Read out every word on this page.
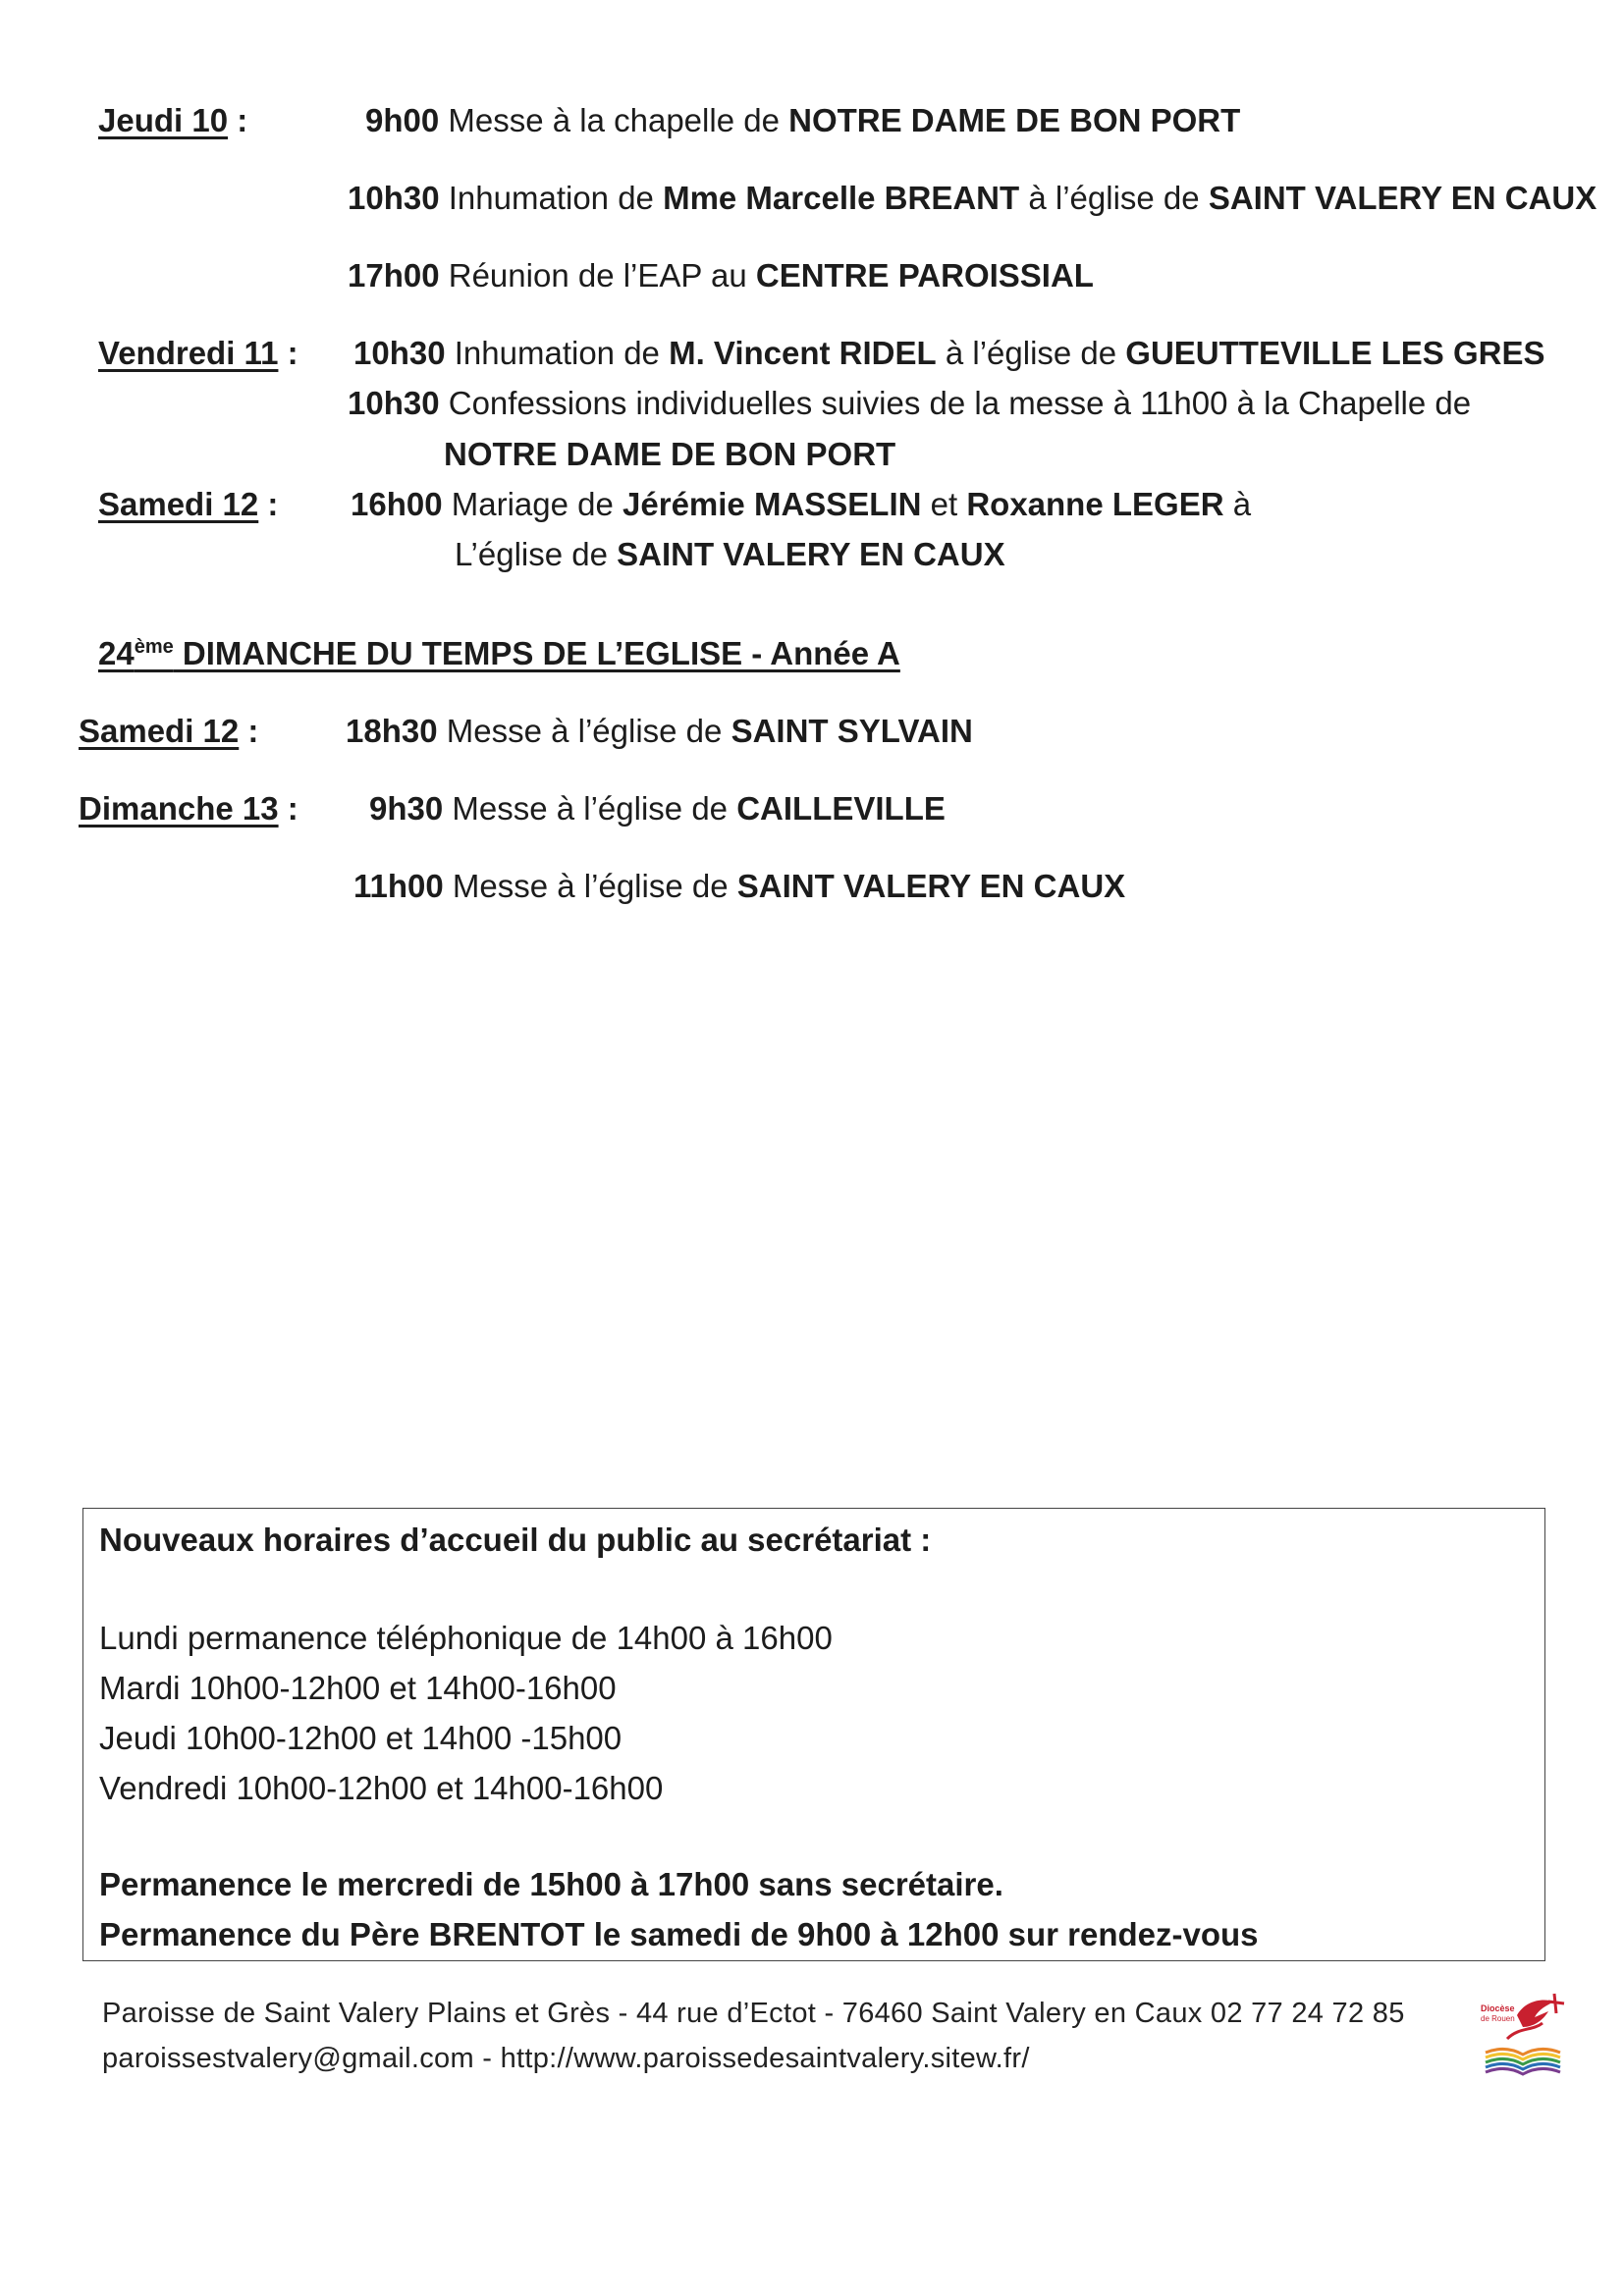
Jeudi 10 :	9h00 Messe à la chapelle de NOTRE DAME DE BON PORT
10h30 Inhumation de Mme Marcelle BREANT à l’église de SAINT VALERY EN CAUX
17h00 Réunion de l’EAP au CENTRE PAROISSIAL
Vendredi 11 : 10h30 Inhumation de M. Vincent RIDEL à l’église de GUEUTTEVILLE LES GRES
10h30 Confessions individuelles suivies de la messe à 11h00 à la Chapelle de
NOTRE DAME DE BON PORT
Samedi 12 : 16h00 Mariage de Jérémie MASSELIN et Roxanne LEGER à
L’église de SAINT VALERY EN CAUX
24ème DIMANCHE DU TEMPS DE L’EGLISE - Année A
Samedi 12 :	18h30 Messe à l’église de SAINT SYLVAIN
Dimanche 13 : 9h30 Messe à l’église de CAILLEVILLE
11h00 Messe à l’église de SAINT VALERY EN CAUX
Nouveaux horaires d’accueil du public au secrétariat :
Lundi permanence téléphonique de 14h00 à 16h00
Mardi 10h00-12h00 et 14h00-16h00
Jeudi 10h00-12h00 et 14h00 -15h00
Vendredi 10h00-12h00 et 14h00-16h00
Permanence le mercredi de 15h00 à 17h00 sans secrétaire.
Permanence du Père BRENTOT le samedi de 9h00 à 12h00 sur rendez-vous
Paroisse de Saint Valery Plains et Grès - 44 rue d’Ectot - 76460 Saint Valery en Caux 02 77 24 72 85
paroissestvalery@gmail.com - http://www.paroissedesaintvalery.sitew.fr/
Diocèse
de Rouen
